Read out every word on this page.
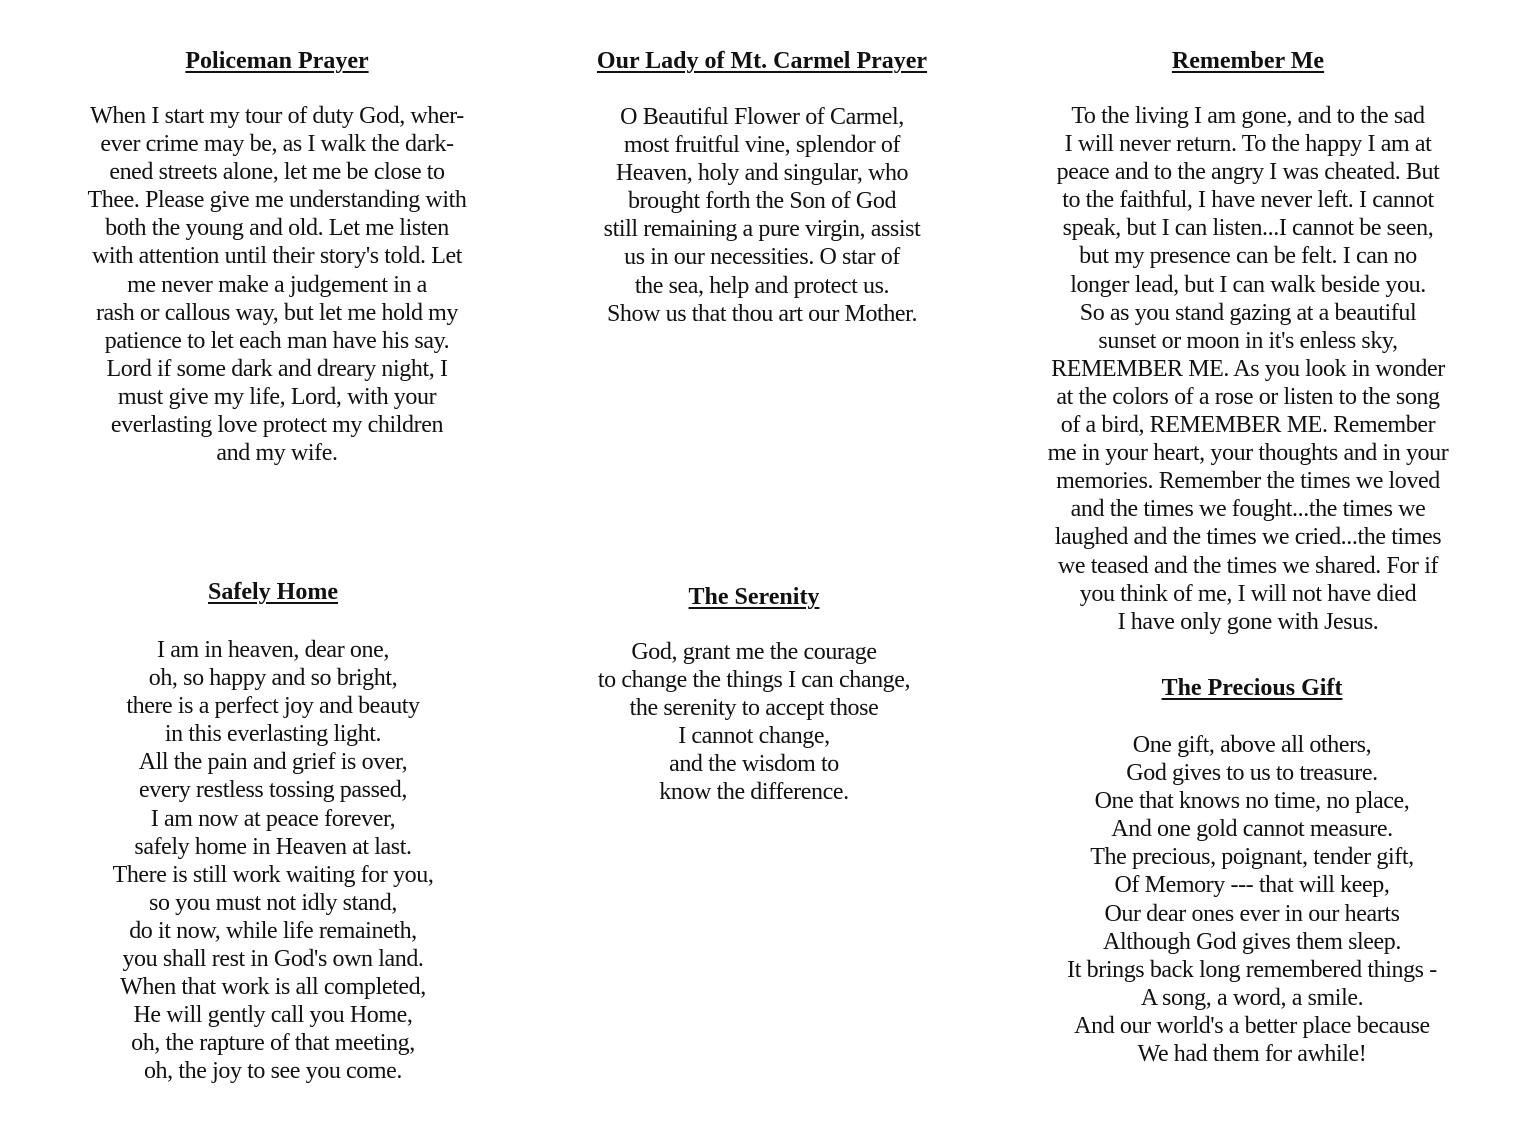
Policeman Prayer
When I start my tour of duty God, wher-
ever crime may be, as I walk the dark-
ened streets alone, let me be close to
Thee. Please give me understanding with
both the young and old. Let me listen
with attention until their story's told. Let
me never make a judgement in a
rash or callous way, but let me hold my
patience to let each man have his say.
Lord if some dark and dreary night, I
must give my life, Lord, with your
everlasting love protect my children
and my wife.
Our Lady of Mt. Carmel Prayer
O Beautiful Flower of Carmel,
most fruitful vine, splendor of
Heaven, holy and singular, who
brought forth the Son of God
still remaining a pure virgin, assist
us in our necessities. O star of
the sea, help and protect us.
Show us that thou art our Mother.
Remember Me
To the living I am gone, and to the sad
I will never return. To the happy I am at
peace and to the angry I was cheated. But
to the faithful, I have never left. I cannot
speak, but I can listen...I cannot be seen,
but my presence can be felt. I can no
longer lead, but I can walk beside you.
So as you stand gazing at a beautiful
sunset or moon in it's enless sky,
REMEMBER ME. As you look in wonder
at the colors of a rose or listen to the song
of a bird, REMEMBER ME. Remember
me in your heart, your thoughts and in your
memories. Remember the times we loved
and the times we fought...the times we
laughed and the times we cried...the times
we teased and the times we shared. For if
you think of me, I will not have died
I have only gone with Jesus.
Safely Home
I am in heaven, dear one,
oh, so happy and so bright,
there is a perfect joy and beauty
in this everlasting light.
All the pain and grief is over,
every restless tossing passed,
I am now at peace forever,
safely home in Heaven at last.
There is still work waiting for you,
so you must not idly stand,
do it now, while life remaineth,
you shall rest in God's own land.
When that work is all completed,
He will gently call you Home,
oh, the rapture of that meeting,
oh, the joy to see you come.
The Serenity
God, grant me the courage
to change the things I can change,
the serenity to accept those
I cannot change,
and the wisdom to
know the difference.
The Precious Gift
One gift, above all others,
God gives to us to treasure.
One that knows no time, no place,
And one gold cannot measure.
The precious, poignant, tender gift,
Of Memory --- that will keep,
Our dear ones ever in our hearts
Although God gives them sleep.
It brings back long remembered things -
A song, a word, a smile.
And our world's a better place because
We had them for awhile!
